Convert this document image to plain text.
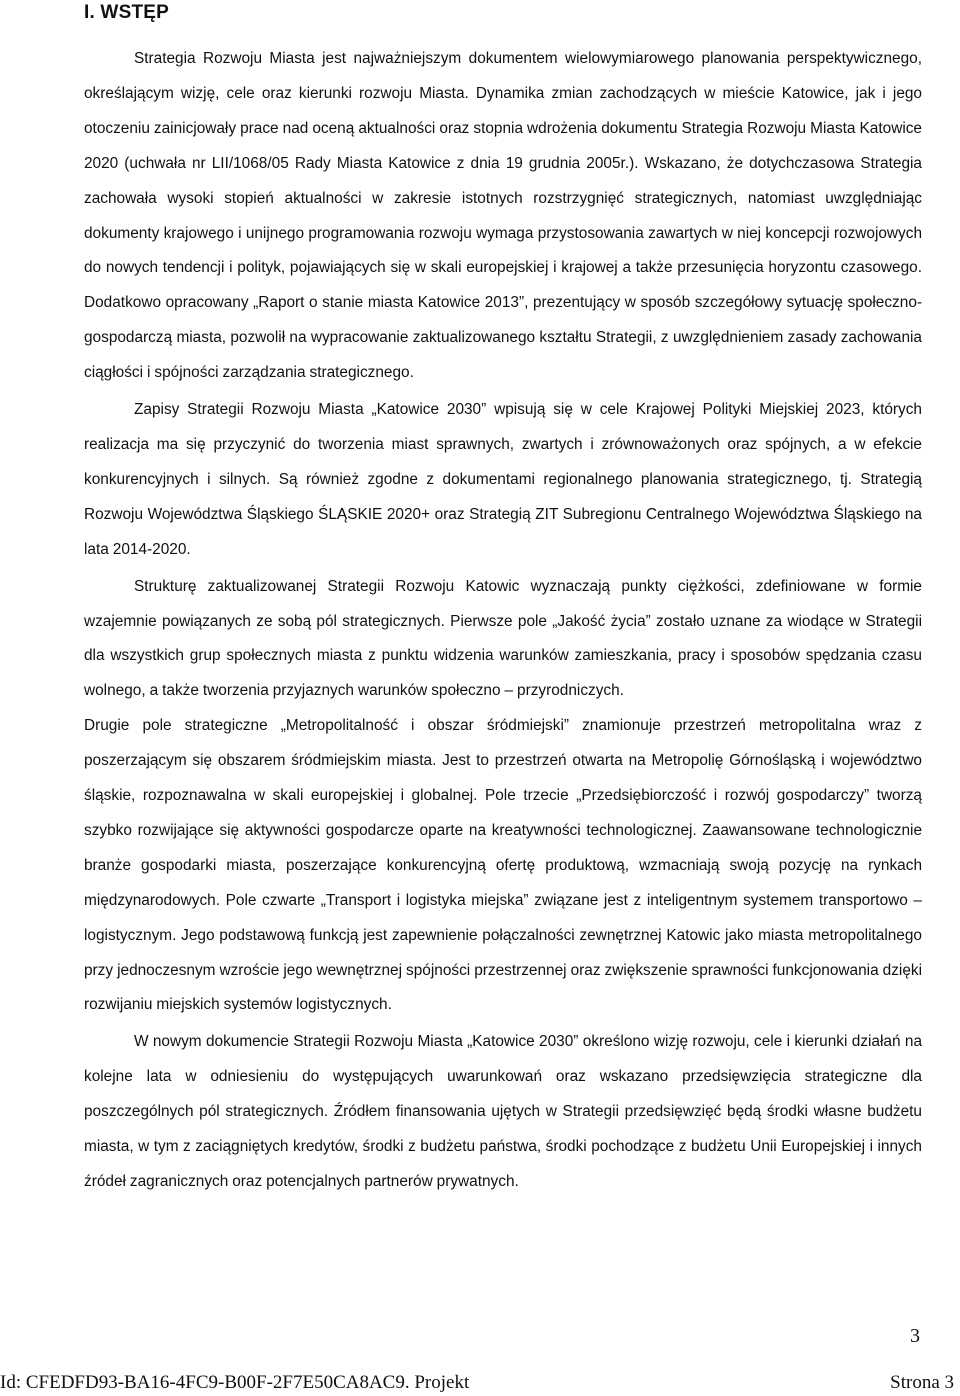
I. WSTĘP

Strategia Rozwoju Miasta jest najważniejszym dokumentem wielowymiarowego planowania perspektywicznego, określającym wizję, cele oraz kierunki rozwoju Miasta. Dynamika zmian zachodzących w mieście Katowice, jak i jego otoczeniu zainicjowały prace nad oceną aktualności oraz stopnia wdrożenia dokumentu Strategia Rozwoju Miasta Katowice 2020 (uchwała nr LII/1068/05 Rady Miasta Katowice z dnia 19 grudnia 2005r.). Wskazano, że dotychczasowa Strategia zachowała wysoki stopień aktualności w zakresie istotnych rozstrzygnięć strategicznych, natomiast uwzględniając dokumenty krajowego i unijnego programowania rozwoju wymaga przystosowania zawartych w niej koncepcji rozwojowych do nowych tendencji i polityk, pojawiających się w skali europejskiej i krajowej a także przesunięcia horyzontu czasowego. Dodatkowo opracowany „Raport o stanie miasta Katowice 2013”, prezentujący w sposób szczegółowy sytuację społeczno-gospodarczą miasta, pozwolił na wypracowanie zaktualizowanego kształtu Strategii, z uwzględnieniem zasady zachowania ciągłości i spójności zarządzania strategicznego.

Zapisy Strategii Rozwoju Miasta „Katowice 2030” wpisują się w cele Krajowej Polityki Miejskiej 2023, których realizacja ma się przyczynić do tworzenia miast sprawnych, zwartych i zrównoważonych oraz spójnych, a w efekcie konkurencyjnych i silnych. Są również zgodne z dokumentami regionalnego planowania strategicznego, tj. Strategią Rozwoju Województwa Śląskiego ŚLĄSKIE 2020+ oraz Strategią ZIT Subregionu Centralnego Województwa Śląskiego na lata 2014-2020.

Strukturę zaktualizowanej Strategii Rozwoju Katowic wyznaczają punkty ciężkości, zdefiniowane w formie wzajemnie powiązanych ze sobą pól strategicznych. Pierwsze pole „Jakość życia” zostało uznane za wiodące w Strategii dla wszystkich grup społecznych miasta z punktu widzenia warunków zamieszkania, pracy i sposobów spędzania czasu wolnego, a także tworzenia przyjaznych warunków społeczno – przyrodniczych.

Drugie pole strategiczne „Metropolitalność i obszar śródmiejski” znamionuje przestrzeń metropolitalna wraz z poszerzającym się obszarem śródmiejskim miasta. Jest to przestrzeń otwarta na Metropolię Górnośląską i województwo śląskie, rozpoznawalna w skali europejskiej i globalnej. Pole trzecie „Przedsiębiorczość i rozwój gospodarczy” tworzą szybko rozwijające się aktywności gospodarcze oparte na kreatywności technologicznej. Zaawansowane technologicznie branże gospodarki miasta, poszerzające konkurencyjną ofertę produktową, wzmacniają swoją pozycję na rynkach międzynarodowych. Pole czwarte „Transport i logistyka miejska” związane jest z inteligentnym systemem transportowo – logistycznym. Jego podstawową funkcją jest zapewnienie połączalności zewnętrznej Katowic jako miasta metropolitalnego przy jednoczesnym wzroście jego wewnętrznej spójności przestrzennej oraz zwiększenie sprawności funkcjonowania dzięki rozwijaniu miejskich systemów logistycznych.

W nowym dokumencie Strategii Rozwoju Miasta „Katowice 2030” określono wizję rozwoju, cele i kierunki działań na kolejne lata w odniesieniu do występujących uwarunkowań oraz wskazano przedsięwzięcia strategiczne dla poszczególnych pól strategicznych. Źródłem finansowania ujętych w Strategii przedsięwzięć będą środki własne budżetu miasta, w tym z zaciągniętych kredytów, środki z budżetu państwa, środki pochodzące z budżetu Unii Europejskiej i innych źródeł zagranicznych oraz potencjalnych partnerów prywatnych.

3
Id: CFEDFD93-BA16-4FC9-B00F-2F7E50CA8AC9. Projekt	Strona 3
